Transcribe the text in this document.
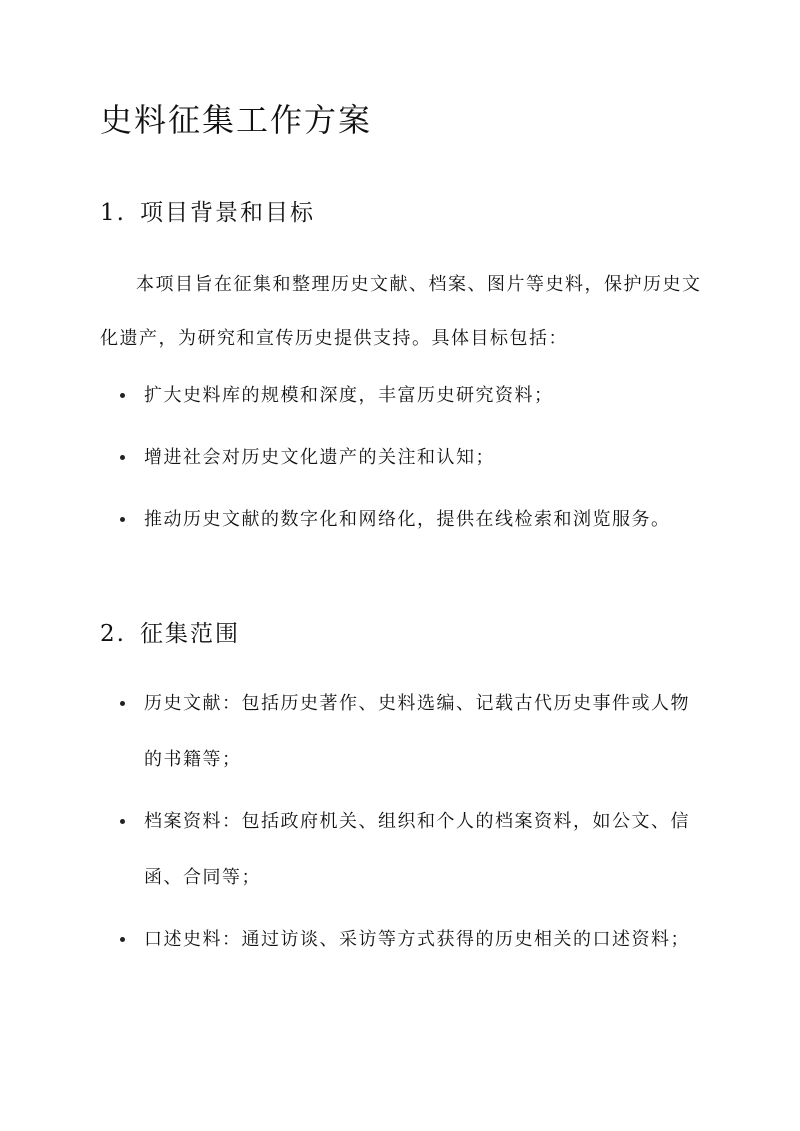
史料征集工作方案
1. 项目背景和目标

本项目旨在征集和整理历史文献、档案、图片等史料，保护历史文化遗产，为研究和宣传历史提供支持。具体目标包括：

扩大史料库的规模和深度，丰富历史研究资料；
增进社会对历史文化遗产的关注和认知；
推动历史文献的数字化和网络化，提供在线检索和浏览服务。
2. 征集范围
历史文献：包括历史著作、史料选编、记载古代历史事件或人物的书籍等；
档案资料：包括政府机关、组织和个人的档案资料，如公文、信函、合同等；
口述史料：通过访谈、采访等方式获得的历史相关的口述资料；
